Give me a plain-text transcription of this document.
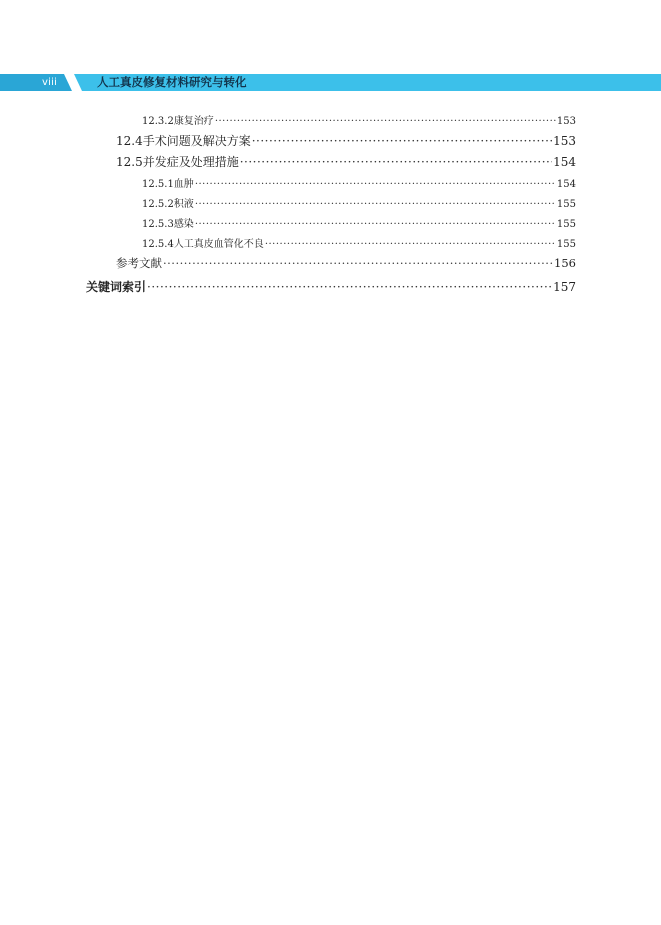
viii	人工真皮修复材料研究与转化
12.3.2 康复治疗 ·····	153
12.4 手术问题及解决方案 ·····	153
12.5 并发症及处理措施 ·····	154
12.5.1 血肿 ·····	154
12.5.2 积液 ·····	155
12.5.3 感染 ·····	155
12.5.4 人工真皮血管化不良 ·····	155
参考文献 ·····	156
关键词索引 ·····	157
